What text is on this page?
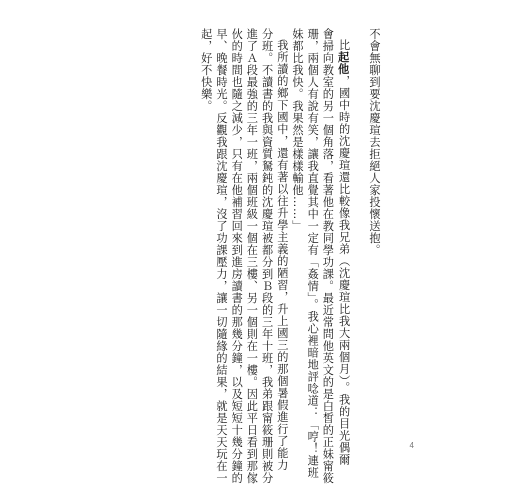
不會無聊到要沈慶瑄去拒絕人家投懷送抱。
比起他，國中時的沈慶瑄還比較像我兄弟（沈慶瑄比我大兩個月）。我的目光偶爾
會掃向教室的另一個角落，看著他在教同學功課。最近常問他英文的是白皙的正妹甯筱
珊，兩個人有說有笑，讓我直覺其中一定有「姦情」。我心裡暗地評唸道：「哼！連班
妹都比我快。我果然是樣樣輸他……」
我所讀的鄉下國中，還有著以往升學主義的陋習，升上國三的那個暑假進行了能力
分班。不讀書的我與資質駑鈍的沈慶瑄被都分到Ｂ段的三年十班，我弟跟甯筱珊則被分
進了Ａ段最強的三年一班，兩個班級一個在三樓、另一個則在一樓。因此平日看到那傢
伙的時間也隨之減少，只有在他補習回來到進房讀書的那幾分鐘，以及短短十幾分鐘的
早、晚餐時光。反觀我跟沈慶瑄，沒了功課壓力，讓一切隨緣的結果，就是天天玩在一
起，好不快樂。
4
